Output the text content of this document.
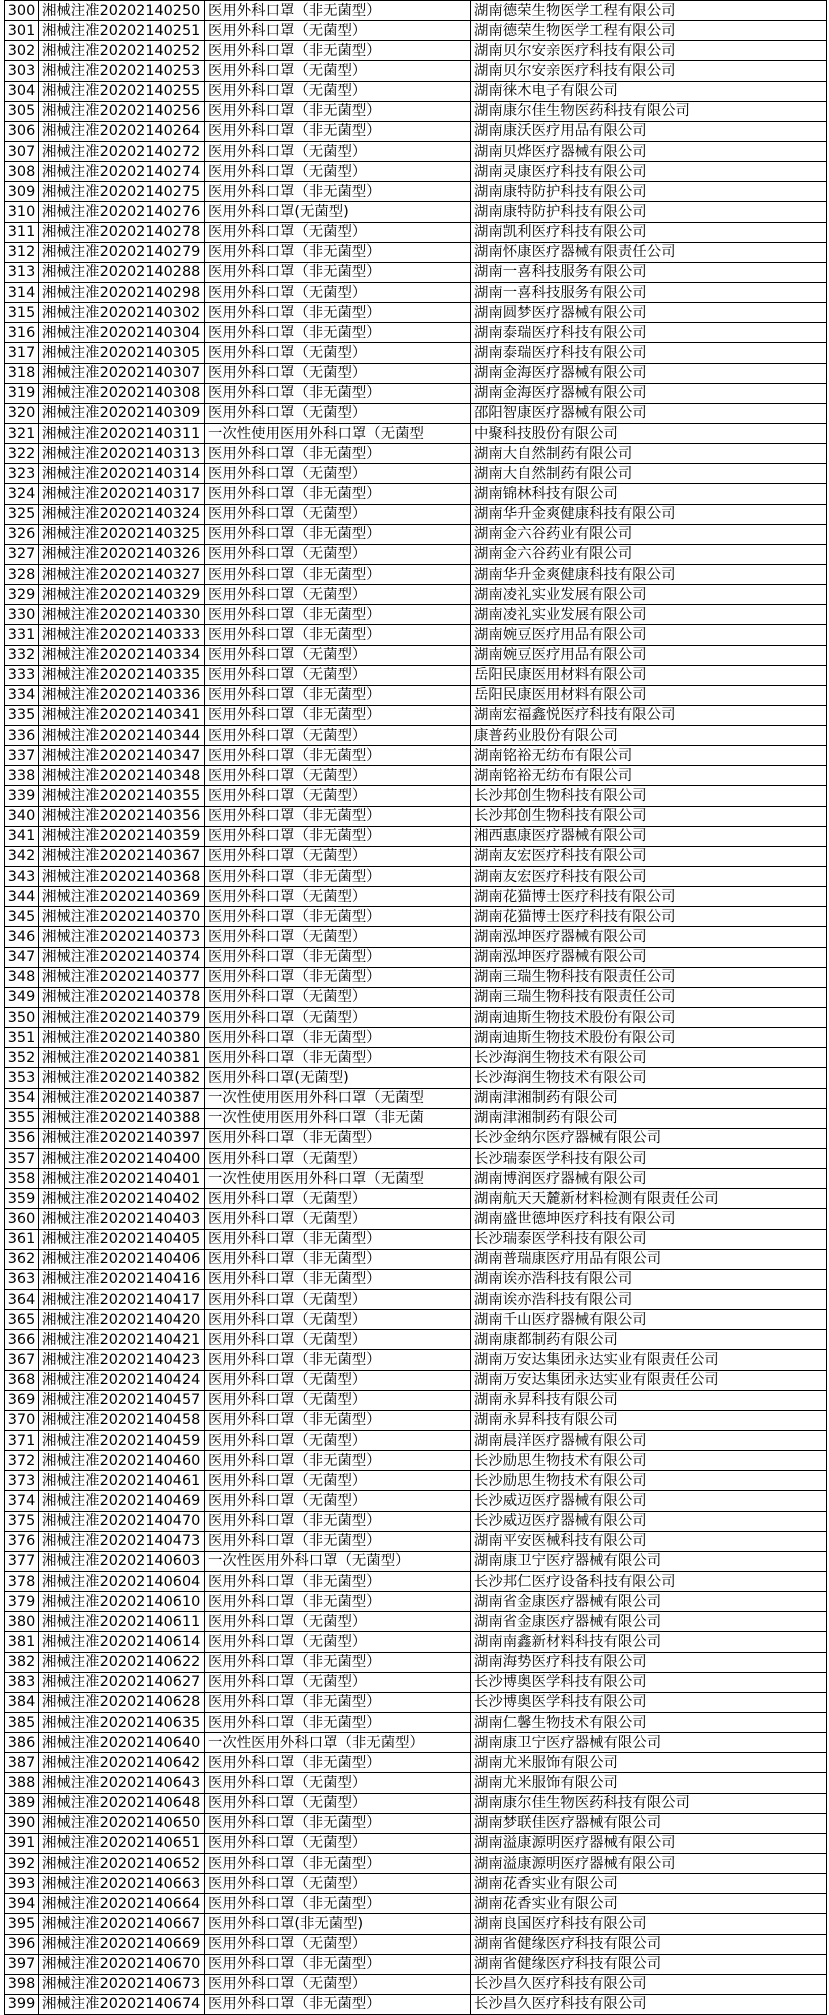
300	湘械注准20202140250	医用外科口罩（非无菌型）	湖南德荣生物医学工程有限公司
301	湘械注准20202140251	医用外科口罩（无菌型）	湖南德荣生物医学工程有限公司
302	湘械注准20202140252	医用外科口罩（非无菌型）	湖南贝尔安亲医疗科技有限公司
303	湘械注准20202140253	医用外科口罩（无菌型）	湖南贝尔安亲医疗科技有限公司
304	湘械注准20202140255	医用外科口罩（无菌型）	湖南徕木电子有限公司
305	湘械注准20202140256	医用外科口罩（非无菌型）	湖南康尔佳生物医药科技有限公司
306	湘械注准20202140264	医用外科口罩（非无菌型）	湖南康沃医疗用品有限公司
307	湘械注准20202140272	医用外科口罩（无菌型）	湖南贝烨医疗器械有限公司
308	湘械注准20202140274	医用外科口罩（无菌型）	湖南灵康医疗科技有限公司
309	湘械注准20202140275	医用外科口罩（非无菌型）	湖南康特防护科技有限公司
310	湘械注准20202140276	医用外科口罩(无菌型)	湖南康特防护科技有限公司
311	湘械注准20202140278	医用外科口罩（无菌型）	湖南凯利医疗科技有限公司
312	湘械注准20202140279	医用外科口罩（非无菌型）	湖南怀康医疗器械有限责任公司
313	湘械注准20202140288	医用外科口罩（非无菌型）	湖南一喜科技服务有限公司
314	湘械注准20202140298	医用外科口罩（无菌型）	湖南一喜科技服务有限公司
315	湘械注准20202140302	医用外科口罩（非无菌型）	湖南圆梦医疗器械有限公司
316	湘械注准20202140304	医用外科口罩（非无菌型）	湖南泰瑞医疗科技有限公司
317	湘械注准20202140305	医用外科口罩（无菌型）	湖南泰瑞医疗科技有限公司
318	湘械注准20202140307	医用外科口罩（无菌型）	湖南金海医疗器械有限公司
319	湘械注准20202140308	医用外科口罩（非无菌型）	湖南金海医疗器械有限公司
320	湘械注准20202140309	医用外科口罩（无菌型）	邵阳智康医疗器械有限公司
321	湘械注准20202140311	一次性使用医用外科口罩（无菌型	中聚科技股份有限公司
322	湘械注准20202140313	医用外科口罩（非无菌型）	湖南大自然制药有限公司
323	湘械注准20202140314	医用外科口罩（无菌型）	湖南大自然制药有限公司
324	湘械注准20202140317	医用外科口罩（非无菌型）	湖南锦林科技有限公司
325	湘械注准20202140324	医用外科口罩（无菌型）	湖南华升金爽健康科技有限公司
326	湘械注准20202140325	医用外科口罩（非无菌型）	湖南金六谷药业有限公司
327	湘械注准20202140326	医用外科口罩（无菌型）	湖南金六谷药业有限公司
328	湘械注准20202140327	医用外科口罩（非无菌型）	湖南华升金爽健康科技有限公司
329	湘械注准20202140329	医用外科口罩（无菌型）	湖南凌礼实业发展有限公司
330	湘械注准20202140330	医用外科口罩（非无菌型）	湖南凌礼实业发展有限公司
331	湘械注准20202140333	医用外科口罩（非无菌型）	湖南婉豆医疗用品有限公司
332	湘械注准20202140334	医用外科口罩（无菌型）	湖南婉豆医疗用品有限公司
333	湘械注准20202140335	医用外科口罩（无菌型）	岳阳民康医用材料有限公司
334	湘械注准20202140336	医用外科口罩（非无菌型）	岳阳民康医用材料有限公司
335	湘械注准20202140341	医用外科口罩（非无菌型）	湖南宏福鑫悦医疗科技有限公司
336	湘械注准20202140344	医用外科口罩（无菌型）	康普药业股份有限公司
337	湘械注准20202140347	医用外科口罩（非无菌型）	湖南铭裕无纺布有限公司
338	湘械注准20202140348	医用外科口罩（无菌型）	湖南铭裕无纺布有限公司
339	湘械注准20202140355	医用外科口罩（无菌型）	长沙邦创生物科技有限公司
340	湘械注准20202140356	医用外科口罩（非无菌型）	长沙邦创生物科技有限公司
341	湘械注准20202140359	医用外科口罩（非无菌型）	湘西惠康医疗器械有限公司
342	湘械注准20202140367	医用外科口罩（无菌型）	湖南友宏医疗科技有限公司
343	湘械注准20202140368	医用外科口罩（非无菌型）	湖南友宏医疗科技有限公司
344	湘械注准20202140369	医用外科口罩（无菌型）	湖南花猫博士医疗科技有限公司
345	湘械注准20202140370	医用外科口罩（非无菌型）	湖南花猫博士医疗科技有限公司
346	湘械注准20202140373	医用外科口罩（无菌型）	湖南泓坤医疗器械有限公司
347	湘械注准20202140374	医用外科口罩（非无菌型）	湖南泓坤医疗器械有限公司
348	湘械注准20202140377	医用外科口罩（非无菌型）	湖南三瑞生物科技有限责任公司
349	湘械注准20202140378	医用外科口罩（无菌型）	湖南三瑞生物科技有限责任公司
350	湘械注准20202140379	医用外科口罩（无菌型）	湖南迪斯生物技术股份有限公司
351	湘械注准20202140380	医用外科口罩（非无菌型）	湖南迪斯生物技术股份有限公司
352	湘械注准20202140381	医用外科口罩（非无菌型）	长沙海润生物技术有限公司
353	湘械注准20202140382	医用外科口罩(无菌型)	长沙海润生物技术有限公司
354	湘械注准20202140387	一次性使用医用外科口罩（无菌型	湖南津湘制药有限公司
355	湘械注准20202140388	一次性使用医用外科口罩（非无菌	湖南津湘制药有限公司
356	湘械注准20202140397	医用外科口罩（非无菌型）	长沙金纳尔医疗器械有限公司
357	湘械注准20202140400	医用外科口罩（无菌型）	长沙瑞泰医学科技有限公司
358	湘械注准20202140401	一次性使用医用外科口罩（无菌型	湖南博润医疗器械有限公司
359	湘械注准20202140402	医用外科口罩（无菌型）	湖南航天天麓新材料检测有限责任公司
360	湘械注准20202140403	医用外科口罩（无菌型）	湖南盛世德坤医疗科技有限公司
361	湘械注准20202140405	医用外科口罩（非无菌型）	长沙瑞泰医学科技有限公司
362	湘械注准20202140406	医用外科口罩（非无菌型）	湖南普瑞康医疗用品有限公司
363	湘械注准20202140416	医用外科口罩（非无菌型）	湖南诶亦浩科技有限公司
364	湘械注准20202140417	医用外科口罩（无菌型）	湖南诶亦浩科技有限公司
365	湘械注准20202140420	医用外科口罩（无菌型）	湖南千山医疗器械有限公司
366	湘械注准20202140421	医用外科口罩（无菌型）	湖南康都制药有限公司
367	湘械注准20202140423	医用外科口罩（非无菌型）	湖南万安达集团永达实业有限责任公司
368	湘械注准20202140424	医用外科口罩（无菌型）	湖南万安达集团永达实业有限责任公司
369	湘械注准20202140457	医用外科口罩（无菌型）	湖南永昇科技有限公司
370	湘械注准20202140458	医用外科口罩（非无菌型）	湖南永昇科技有限公司
371	湘械注准20202140459	医用外科口罩（无菌型）	湖南晨洋医疗器械有限公司
372	湘械注准20202140460	医用外科口罩（非无菌型）	长沙励思生物技术有限公司
373	湘械注准20202140461	医用外科口罩（无菌型）	长沙励思生物技术有限公司
374	湘械注准20202140469	医用外科口罩（无菌型）	长沙威迈医疗器械有限公司
375	湘械注准20202140470	医用外科口罩（非无菌型）	长沙威迈医疗器械有限公司
376	湘械注准20202140473	医用外科口罩（非无菌型）	湖南平安医械科技有限公司
377	湘械注准20202140603	一次性医用外科口罩（无菌型）	湖南康卫宁医疗器械有限公司
378	湘械注准20202140604	医用外科口罩（非无菌型）	长沙邦仁医疗设备科技有限公司
379	湘械注准20202140610	医用外科口罩（非无菌型）	湖南省金康医疗器械有限公司
380	湘械注准20202140611	医用外科口罩（无菌型）	湖南省金康医疗器械有限公司
381	湘械注准20202140614	医用外科口罩（无菌型）	湖南南鑫新材料科技有限公司
382	湘械注准20202140622	医用外科口罩（非无菌型）	湖南海势医疗科技有限公司
383	湘械注准20202140627	医用外科口罩（无菌型）	长沙博奥医学科技有限公司
384	湘械注准20202140628	医用外科口罩（非无菌型）	长沙博奥医学科技有限公司
385	湘械注准20202140635	医用外科口罩（非无菌型）	湖南仁馨生物技术有限公司
386	湘械注准20202140640	一次性医用外科口罩（非无菌型）	湖南康卫宁医疗器械有限公司
387	湘械注准20202140642	医用外科口罩（非无菌型）	湖南尤米服饰有限公司
388	湘械注准20202140643	医用外科口罩（无菌型）	湖南尤米服饰有限公司
389	湘械注准20202140648	医用外科口罩（无菌型）	湖南康尔佳生物医药科技有限公司
390	湘械注准20202140650	医用外科口罩（非无菌型）	湖南梦联佳医疗器械有限公司
391	湘械注准20202140651	医用外科口罩（无菌型）	湖南溢康源明医疗器械有限公司
392	湘械注准20202140652	医用外科口罩（非无菌型）	湖南溢康源明医疗器械有限公司
393	湘械注准20202140663	医用外科口罩（无菌型）	湖南花香实业有限公司
394	湘械注准20202140664	医用外科口罩（非无菌型）	湖南花香实业有限公司
395	湘械注准20202140667	医用外科口罩(非无菌型)	湖南良国医疗科技有限公司
396	湘械注准20202140669	医用外科口罩（无菌型）	湖南省健缘医疗科技有限公司
397	湘械注准20202140670	医用外科口罩（非无菌型）	湖南省健缘医疗科技有限公司
398	湘械注准20202140673	医用外科口罩（无菌型）	长沙昌久医疗科技有限公司
399	湘械注准20202140674	医用外科口罩（非无菌型）	长沙昌久医疗科技有限公司
